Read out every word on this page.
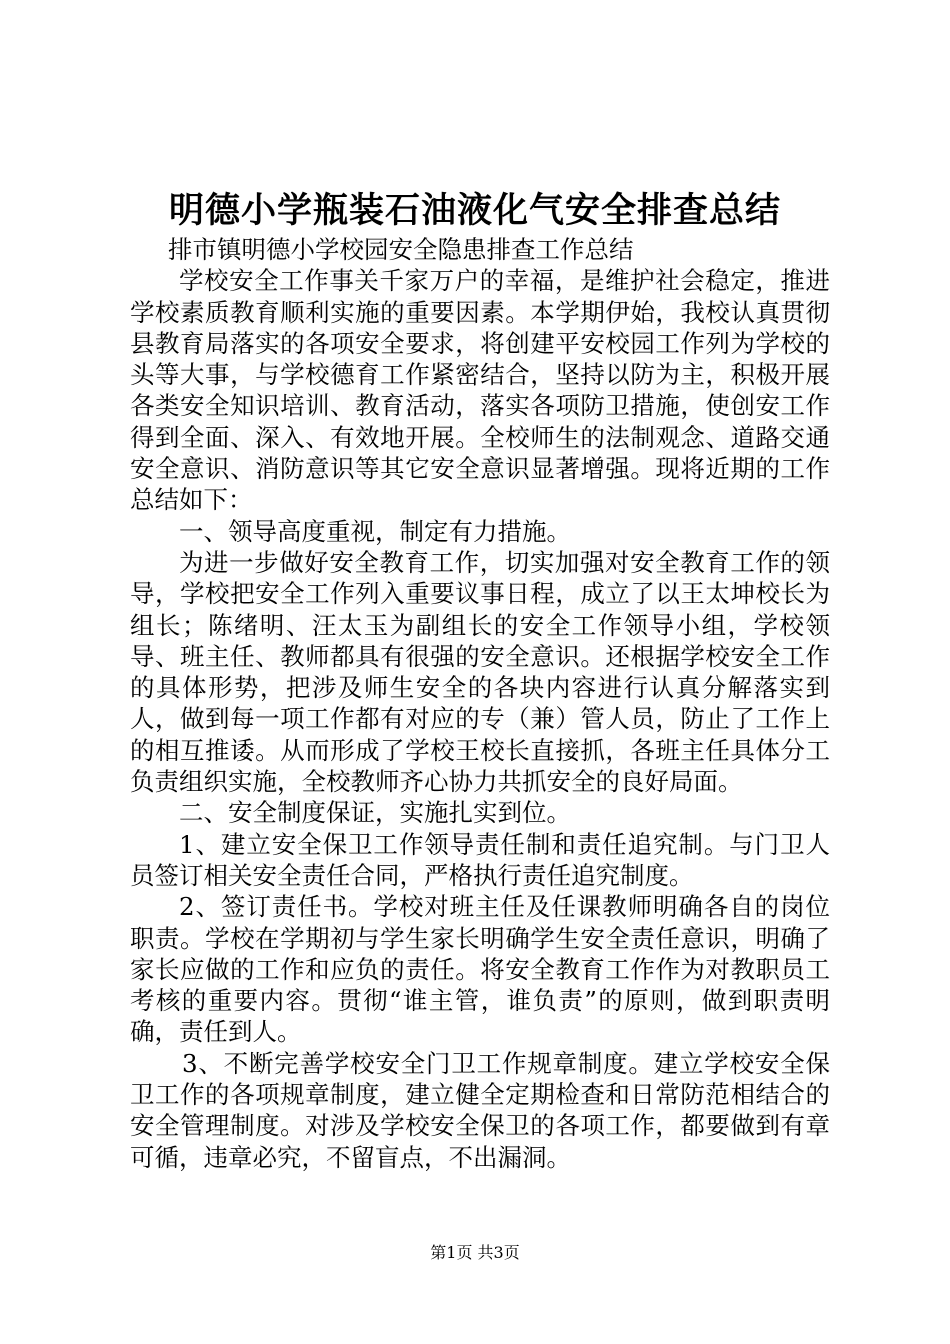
明德小学瓶装石油液化气安全排查总结

排市镇明德小学校园安全隐患排查工作总结

学校安全工作事关千家万户的幸福，是维护社会稳定，推进学校素质教育顺利实施的重要因素。本学期伊始，我校认真贯彻县教育局落实的各项安全要求，将创建平安校园工作列为学校的头等大事，与学校德育工作紧密结合，坚持以防为主，积极开展各类安全知识培训、教育活动，落实各项防卫措施，使创安工作得到全面、深入、有效地开展。全校师生的法制观念、道路交通安全意识、消防意识等其它安全意识显著增强。现将近期的工作总结如下：

一、领导高度重视，制定有力措施。

为进一步做好安全教育工作，切实加强对安全教育工作的领导，学校把安全工作列入重要议事日程，成立了以王太坤校长为组长；陈绪明、汪太玉为副组长的安全工作领导小组，学校领导、班主任、教师都具有很强的安全意识。还根据学校安全工作的具体形势，把涉及师生安全的各块内容进行认真分解落实到人，做到每一项工作都有对应的专（兼）管人员，防止了工作上的相互推诿。从而形成了学校王校长直接抓，各班主任具体分工负责组织实施，全校教师齐心协力共抓安全的良好局面。

二、安全制度保证，实施扎实到位。

1、建立安全保卫工作领导责任制和责任追究制。与门卫人员签订相关安全责任合同，严格执行责任追究制度。

2、签订责任书。学校对班主任及任课教师明确各自的岗位职责。学校在学期初与学生家长明确学生安全责任意识，明确了家长应做的工作和应负的责任。将安全教育工作作为对教职员工考核的重要内容。贯彻“谁主管，谁负责”的原则，做到职责明确，责任到人。

3、不断完善学校安全门卫工作规章制度。建立学校安全保卫工作的各项规章制度，建立健全定期检查和日常防范相结合的安全管理制度。对涉及学校安全保卫的各项工作，都要做到有章可循，违章必究，不留盲点，不出漏洞。

第1页 共3页
